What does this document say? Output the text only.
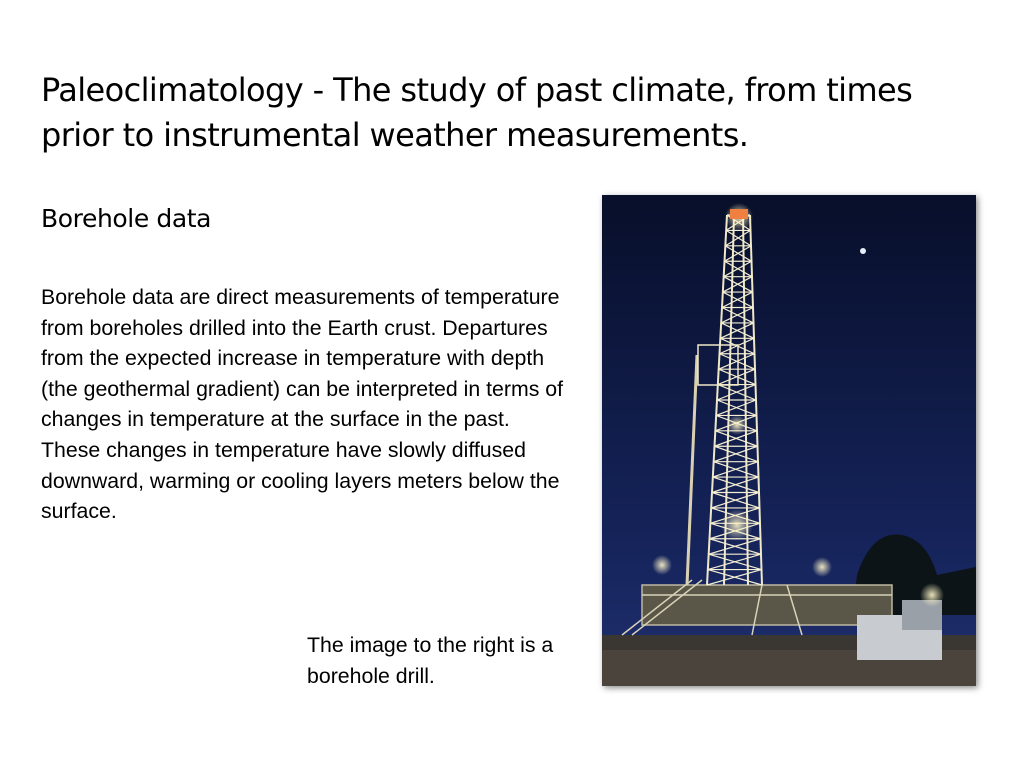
Paleoclimatology - The study of past climate, from times prior to instrumental weather measurements.
Borehole data
Borehole data are direct measurements of temperature from boreholes drilled into the Earth crust. Departures from the expected increase in temperature with depth (the geothermal gradient) can be interpreted in terms of changes in temperature at the surface in the past. These changes in temperature have slowly diffused downward, warming or cooling layers meters below the surface.
The image to the right is a borehole drill.
